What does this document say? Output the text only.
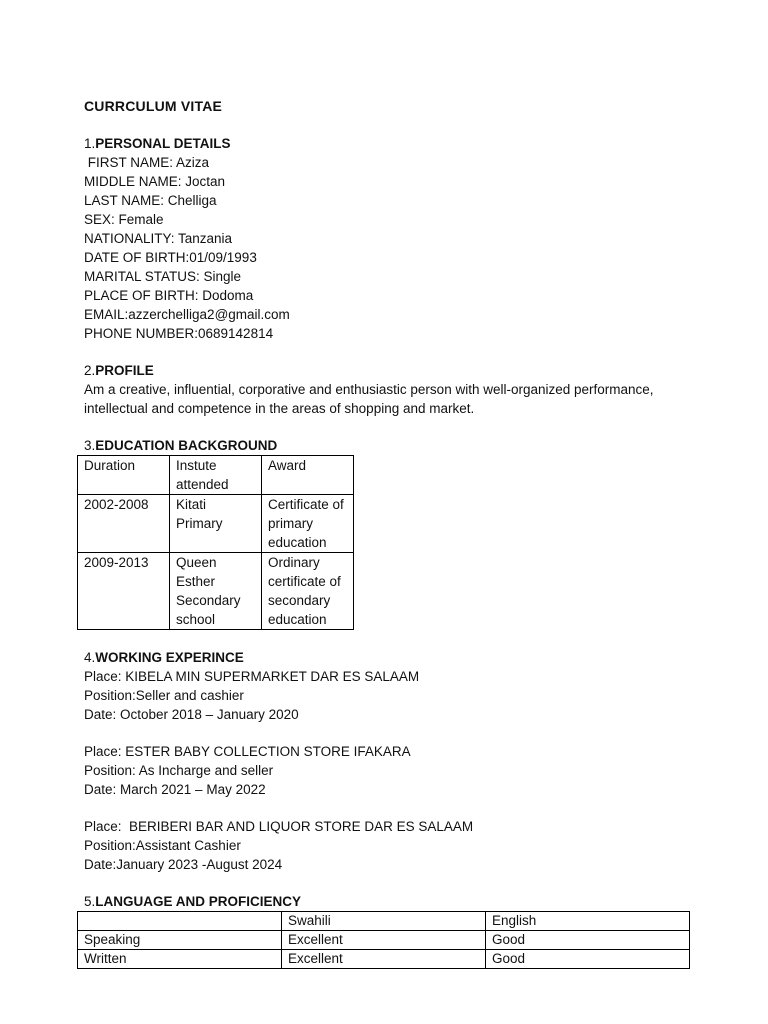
CURRCULUM VITAE

1.PERSONAL DETAILS

FIRST NAME: Aziza

MIDDLE NAME: Joctan

LAST NAME: Chelliga

SEX: Female

NATIONALITY: Tanzania

DATE OF BIRTH:01/09/1993

MARITAL STATUS: Single

PLACE OF BIRTH: Dodoma

EMAIL:azzerchelliga2@gmail.com

PHONE NUMBER:0689142814

2.PROFILE

Am a creative, influential, corporative and enthusiastic person with well-organized performance, intellectual and competence in the areas of shopping and market.

3.EDUCATION BACKGROUND

Duration	Instute attended	Award
2002-2008	Kitati Primary	Certificate of primary education
2009-2013	Queen Esther Secondary school	Ordinary certificate of secondary education

4.WORKING EXPERINCE

Place: KIBELA MIN SUPERMARKET DAR ES SALAAM

Position:Seller and cashier

Date: October 2018 – January 2020

Place: ESTER BABY COLLECTION STORE IFAKARA

Position: As Incharge and seller

Date: March 2021 – May 2022

Place:  BERIBERI BAR AND LIQUOR STORE DAR ES SALAAM

Position:Assistant Cashier

Date:January 2023 -August 2024

5.LANGUAGE AND PROFICIENCY

	Swahili	English
Speaking	Excellent	Good
Written	Excellent	Good
